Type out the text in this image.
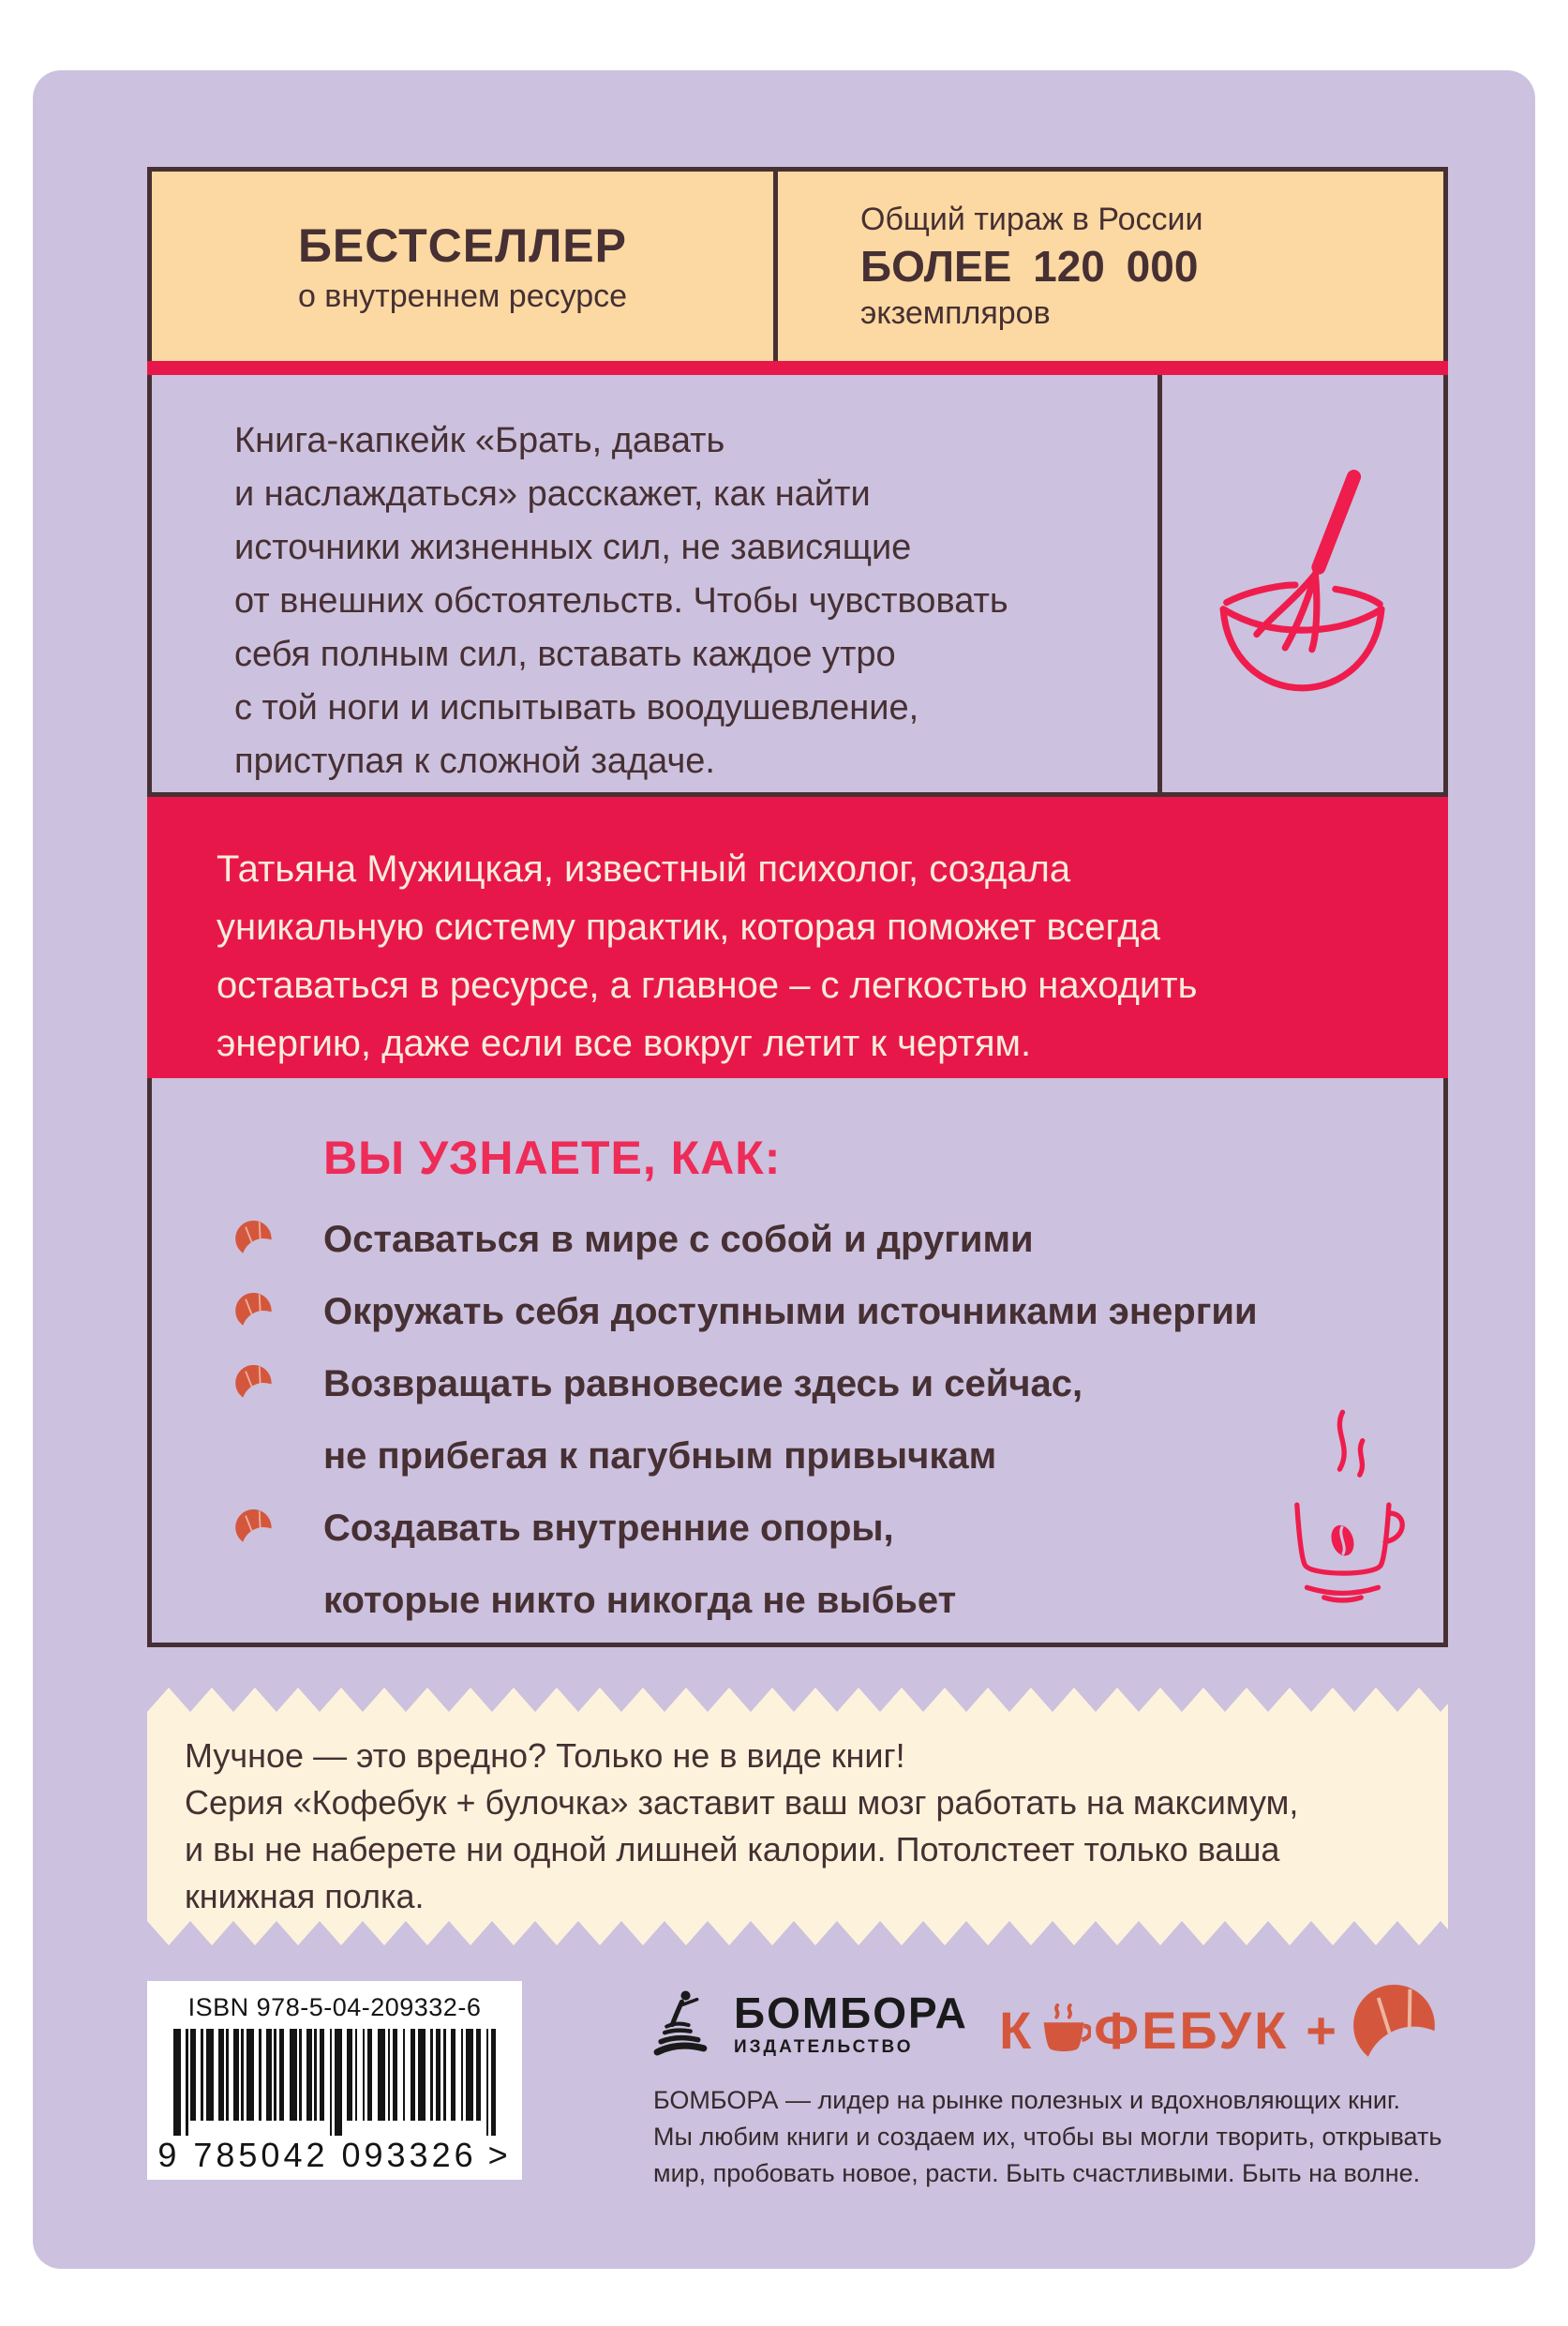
БЕСТСЕЛЛЕР
о внутреннем ресурсе
Общий тираж в России
БОЛЕЕ 120 000
экземпляров
Книга-капкейк «Брать, давать
и наслаждаться» расскажет, как найти
источники жизненных сил, не зависящие
от внешних обстоятельств. Чтобы чувствовать
себя полным сил, вставать каждое утро
с той ноги и испытывать воодушевление,
приступая к сложной задаче.
Татьяна Мужицкая, известный психолог, создала
уникальную систему практик, которая поможет всегда
оставаться в ресурсе, а главное – с легкостью находить
энергию, даже если все вокруг летит к чертям.
ВЫ УЗНАЕТЕ, КАК:
Оставаться в мире с собой и другими
Окружать себя доступными источниками энергии
Возвращать равновесие здесь и сейчас,
не прибегая к пагубным привычкам
Создавать внутренние опоры,
которые никто никогда не выбьет
Мучное — это вредно? Только не в виде книг!
Серия «Кофебук + булочка» заставит ваш мозг работать на максимум,
и вы не наберете ни одной лишней калории. Потолстеет только ваша
книжная полка.
ISBN 978-5-04-209332-6
9 785042 093326 >
БОМБОРА
ИЗДАТЕЛЬСТВО
БОМБОРА — лидер на рынке полезных и вдохновляющих книг.
Мы любим книги и создаем их, чтобы вы могли творить, открывать
мир, пробовать новое, расти. Быть счастливыми. Быть на волне.
К ФЕБУК +
